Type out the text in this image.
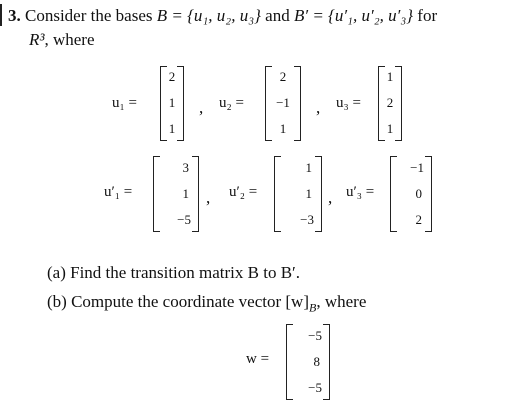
3. Consider the bases B = {u₁, u₂, u₃} and B′ = {u′₁, u′₂, u′₃} for
R³, where
u₁ =
2
1
1
, u₂ =
2
−1
1
, u₃ =
1
2
1
u′₁ =
3
1
−5
, u′₂ =
1
1
−3
, u′₃ =
−1
0
2
(a) Find the transition matrix B to B′.
(b) Compute the coordinate vector $[w]_B$, where
w =
−5
8
−5
